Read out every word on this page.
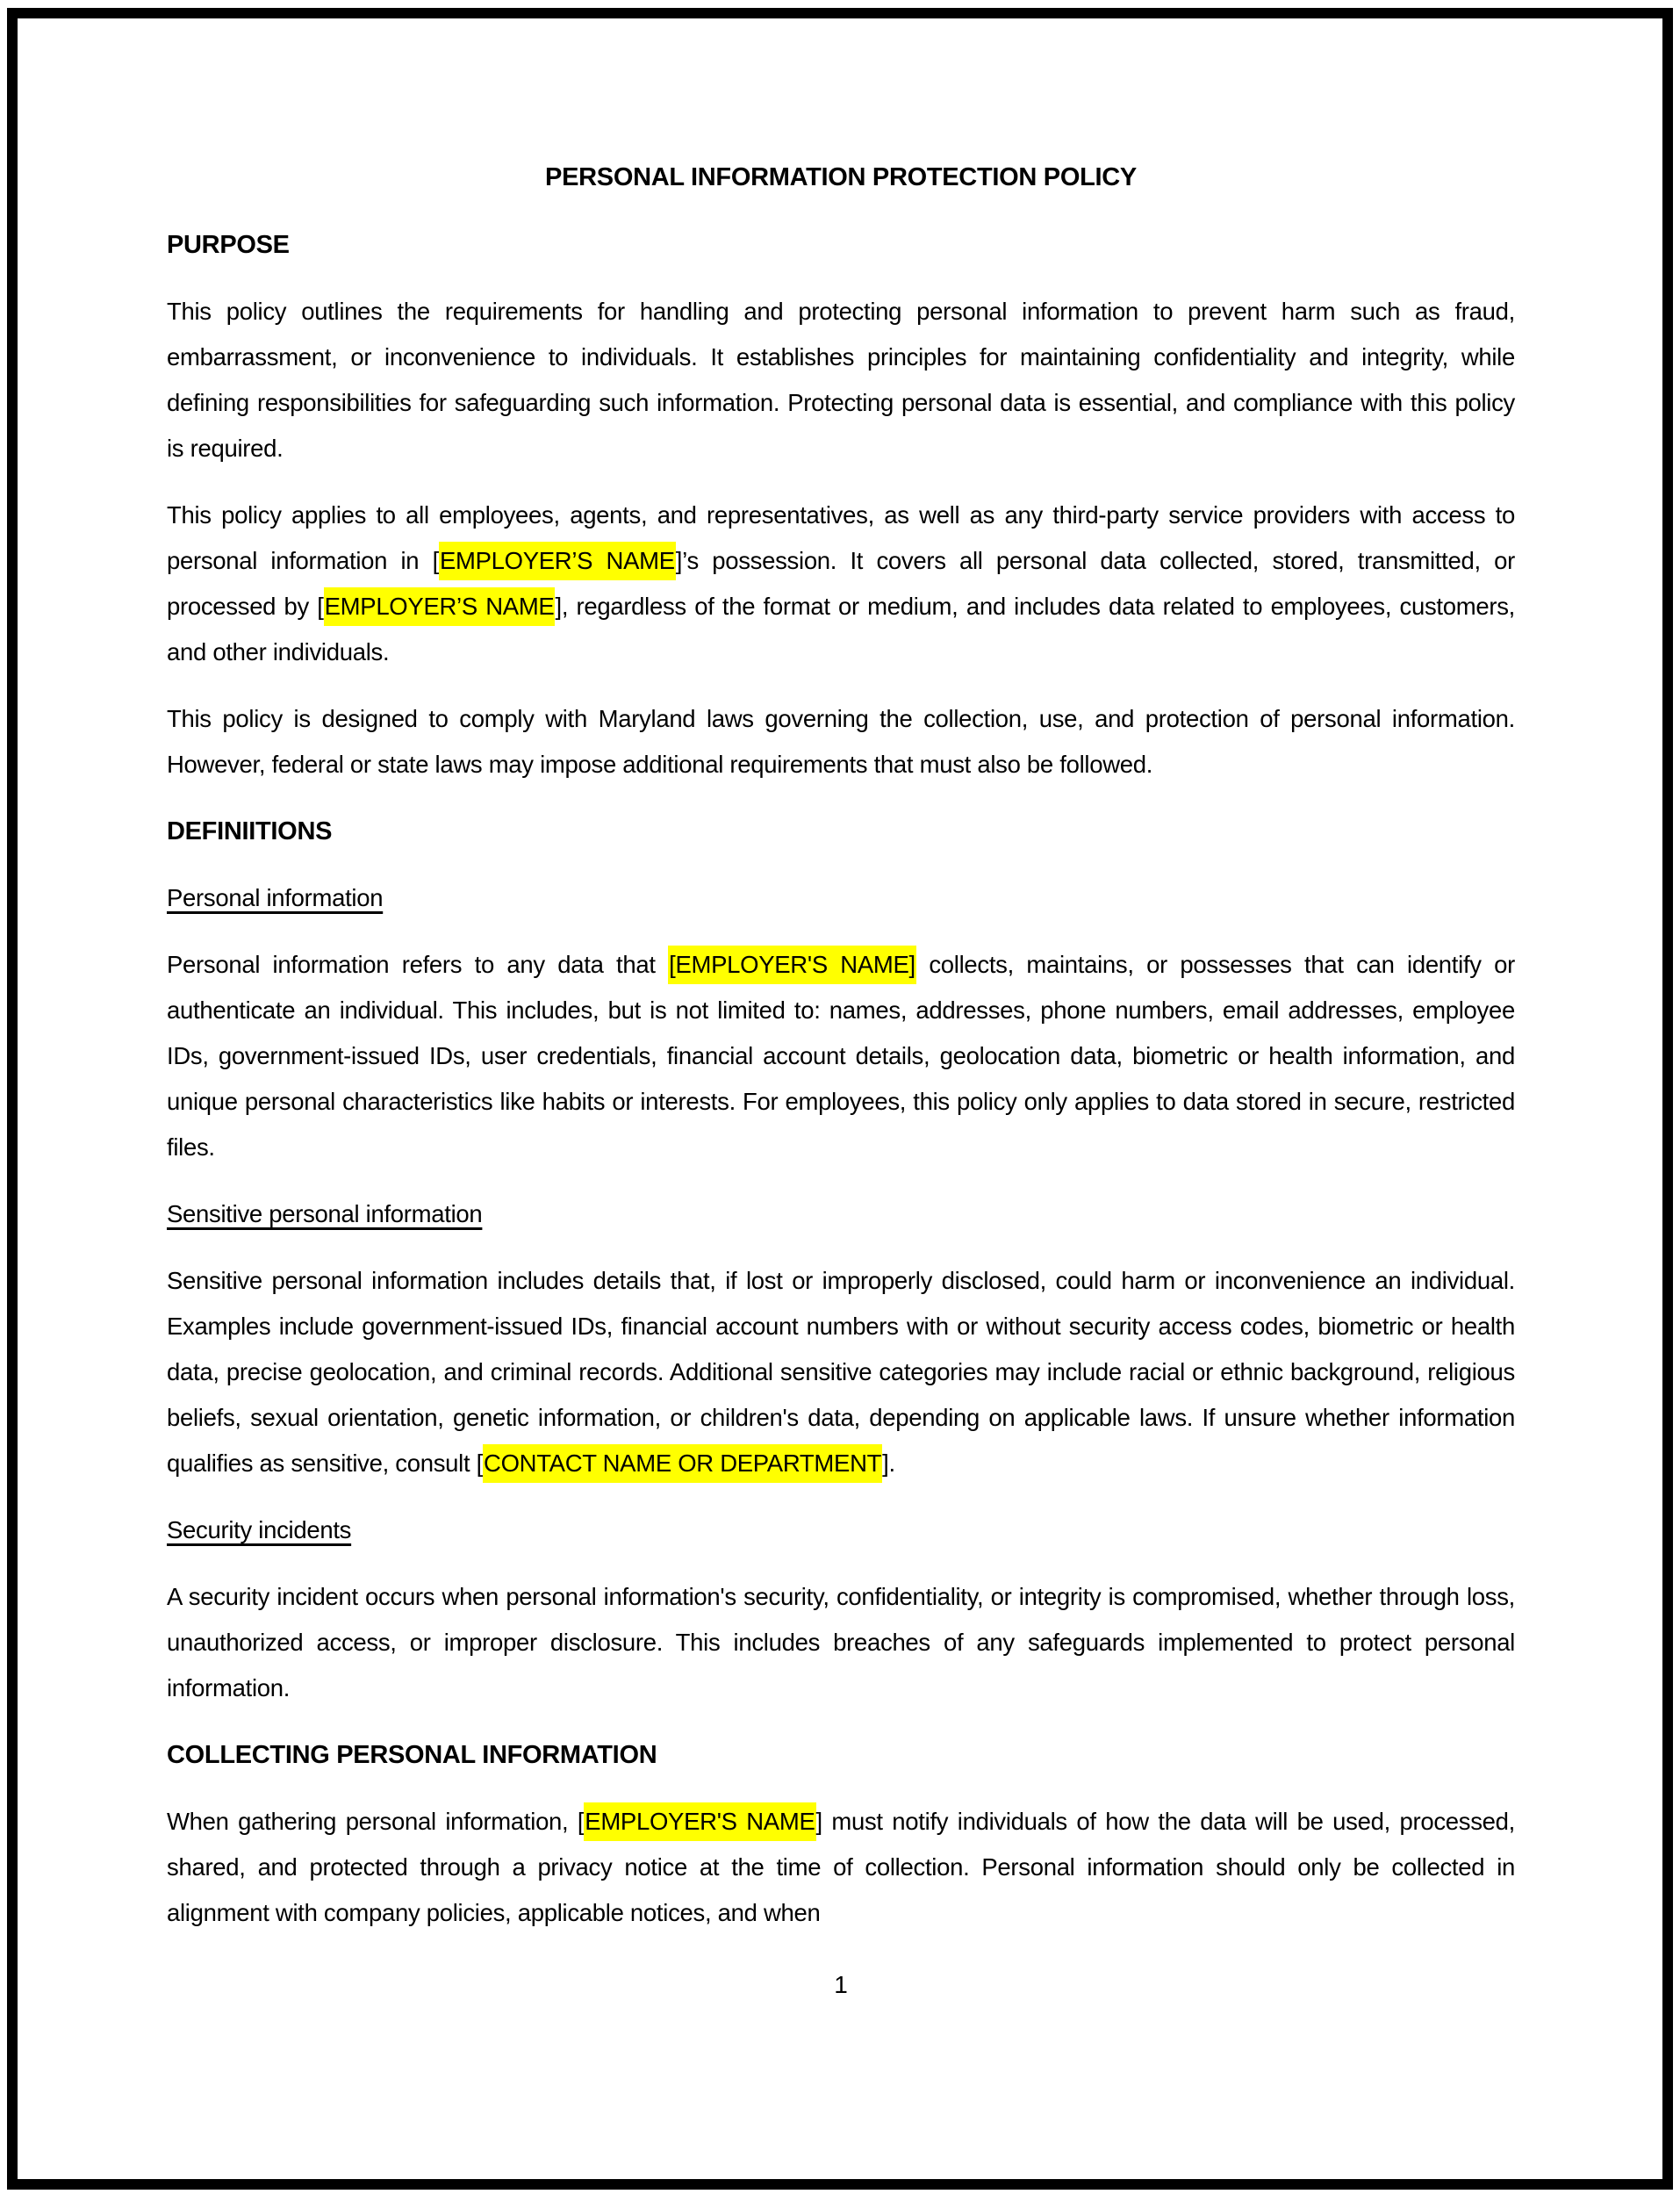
PERSONAL INFORMATION PROTECTION POLICY
PURPOSE

This policy outlines the requirements for handling and protecting personal information to prevent harm such as fraud, embarrassment, or inconvenience to individuals. It establishes principles for maintaining confidentiality and integrity, while defining responsibilities for safeguarding such information. Protecting personal data is essential, and compliance with this policy is required.

This policy applies to all employees, agents, and representatives, as well as any third-party service providers with access to personal information in [EMPLOYER’S NAME]’s possession. It covers all personal data collected, stored, transmitted, or processed by [EMPLOYER’S NAME], regardless of the format or medium, and includes data related to employees, customers, and other individuals.

This policy is designed to comply with Maryland laws governing the collection, use, and protection of personal information. However, federal or state laws may impose additional requirements that must also be followed.

DEFINIITIONS
Personal information

Personal information refers to any data that [EMPLOYER'S NAME] collects, maintains, or possesses that can identify or authenticate an individual. This includes, but is not limited to: names, addresses, phone numbers, email addresses, employee IDs, government-issued IDs, user credentials, financial account details, geolocation data, biometric or health information, and unique personal characteristics like habits or interests. For employees, this policy only applies to data stored in secure, restricted files.

Sensitive personal information

Sensitive personal information includes details that, if lost or improperly disclosed, could harm or inconvenience an individual. Examples include government-issued IDs, financial account numbers with or without security access codes, biometric or health data, precise geolocation, and criminal records. Additional sensitive categories may include racial or ethnic background, religious beliefs, sexual orientation, genetic information, or children's data, depending on applicable laws. If unsure whether information qualifies as sensitive, consult [CONTACT NAME OR DEPARTMENT].

Security incidents

A security incident occurs when personal information's security, confidentiality, or integrity is compromised, whether through loss, unauthorized access, or improper disclosure. This includes breaches of any safeguards implemented to protect personal information.

COLLECTING PERSONAL INFORMATION

When gathering personal information, [EMPLOYER'S NAME] must notify individuals of how the data will be used, processed, shared, and protected through a privacy notice at the time of collection. Personal information should only be collected in alignment with company policies, applicable notices, and when

1
